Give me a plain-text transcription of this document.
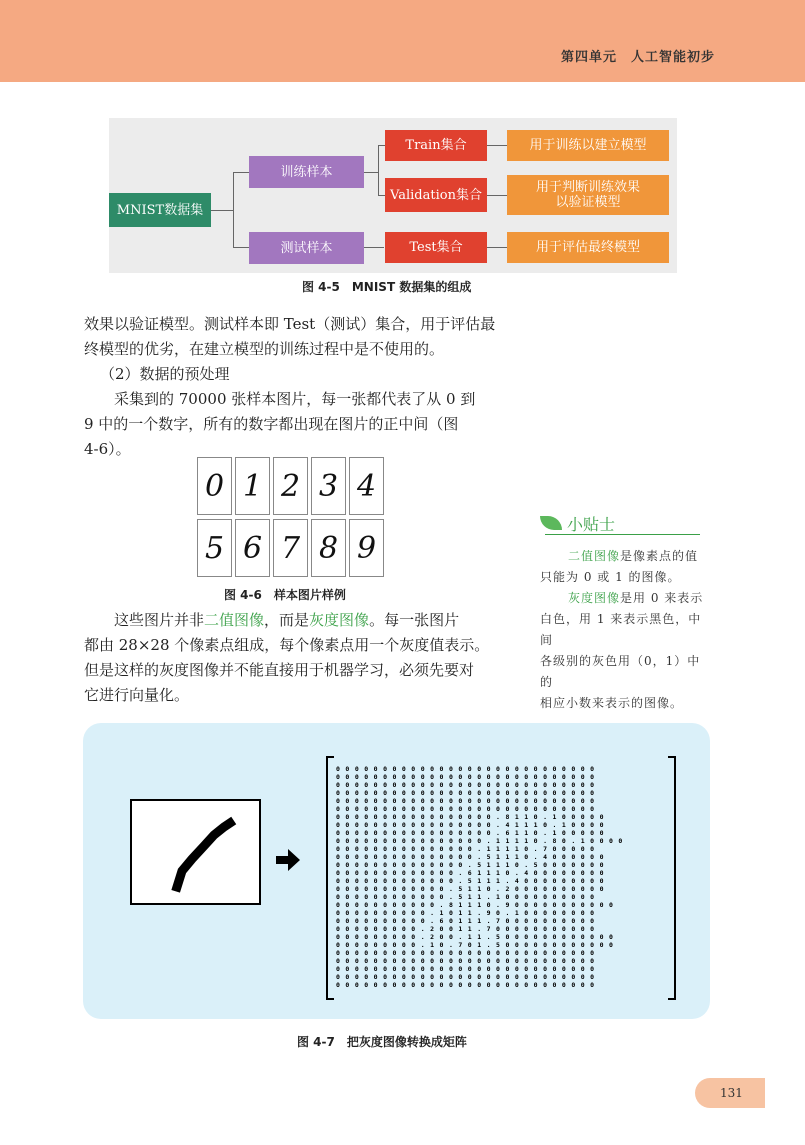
第四单元　人工智能初步
MNIST数据集
训练样本
测试样本
Train集合
Validation集合
Test集合
用于训练以建立模型
用于判断训练效果以验证模型
用于评估最终模型
图 4-5　MNIST 数据集的组成
效果以验证模型。测试样本即 Test（测试）集合，用于评估最
终模型的优劣，在建立模型的训练过程中是不使用的。
（2）数据的预处理
采集到的 70000 张样本图片，每一张都代表了从 0 到
9 中的一个数字，所有的数字都出现在图片的正中间（图
4-6）。
0 1 2 3 4
5 6 7 8 9
图 4-6　样本图片样例
这些图片并非二值图像，而是灰度图像。每一张图片
都由 28×28 个像素点组成，每个像素点用一个灰度值表示。
但是这样的灰度图像并不能直接用于机器学习，必须先要对
它进行向量化。
小贴士
二值图像是像素点的值
只能为 0 或 1 的图像。
灰度图像是用 0 来表示
白色，用 1 来表示黑色，中间
各级别的灰色用（0，1）中的
相应小数来表示的图像。
0000000000000000000000000000
0000000000000000000000000000
0000000000000000000000000000
0000000000000000000000000000
0000000000000000000000000000
0000000000000000000000000000
00000000000000000.8110.100000
00000000000000000.41110.10000
00000000000000000.6110.100000
0000000000000000.11110.80.10000
000000000000000.11110.700000
000000000000000.51110.4000000
00000000000000.51110.50000000
0000000000000.61110.400000000
0000000000000.5111.4000000000
000000000000.5110.20000000000
000000000000.511.10000000000
00000000000.81110.900000000000
0000000000.1011.90.100000000
0000000000.60111.70000000000
000000000.20011.700000000000
000000000.200.11.5000000000000
000000000.10.701.5000000000000
0000000000000000000000000000
0000000000000000000000000000
0000000000000000000000000000
0000000000000000000000000000
0000000000000000000000000000
图 4-7　把灰度图像转换成矩阵
131
